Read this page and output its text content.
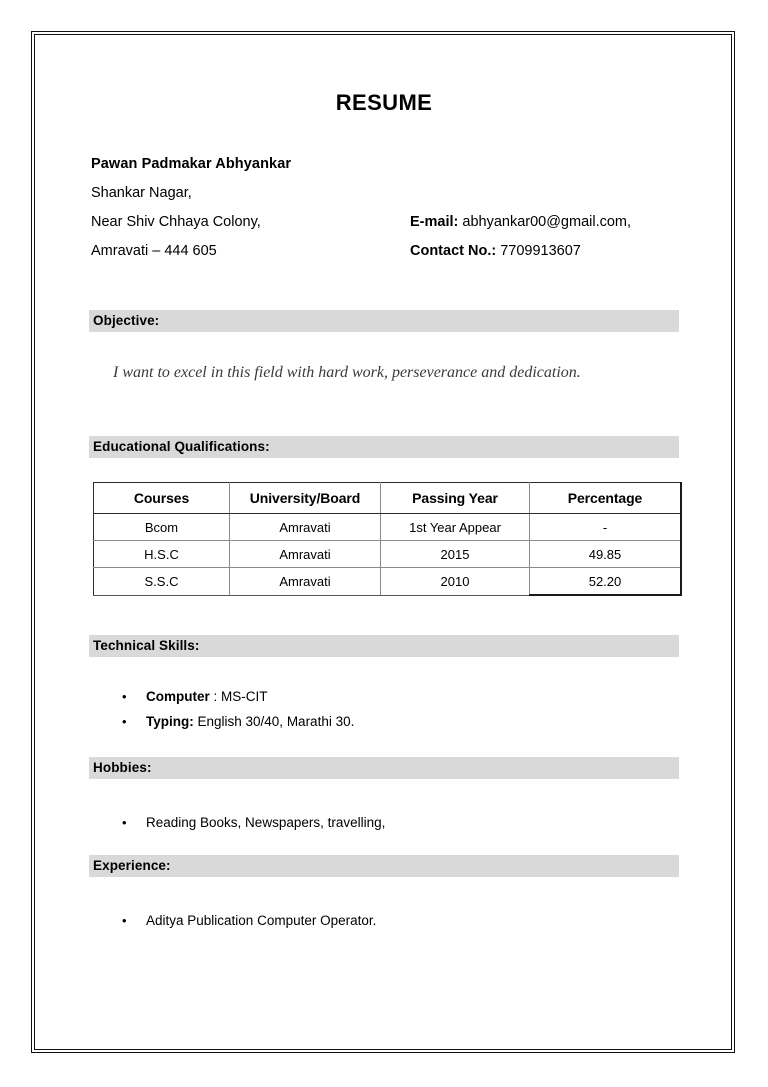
RESUME
Pawan Padmakar Abhyankar
Shankar Nagar,
Near Shiv Chhaya Colony,	E-mail: abhyankar00@gmail.com,
Amravati – 444 605	Contact No.: 7709913607
Objective:
I want to excel in this field with hard work, perseverance and dedication.
Educational Qualifications:
Courses	University/Board	Passing Year	Percentage
Bcom	Amravati	1st Year Appear	-
H.S.C	Amravati	2015	49.85
S.S.C	Amravati	2010	52.20
Technical Skills:
• Computer : MS-CIT
• Typing: English 30/40, Marathi 30.
Hobbies:
• Reading Books, Newspapers, travelling,
Experience:
• Aditya Publication Computer Operator.
